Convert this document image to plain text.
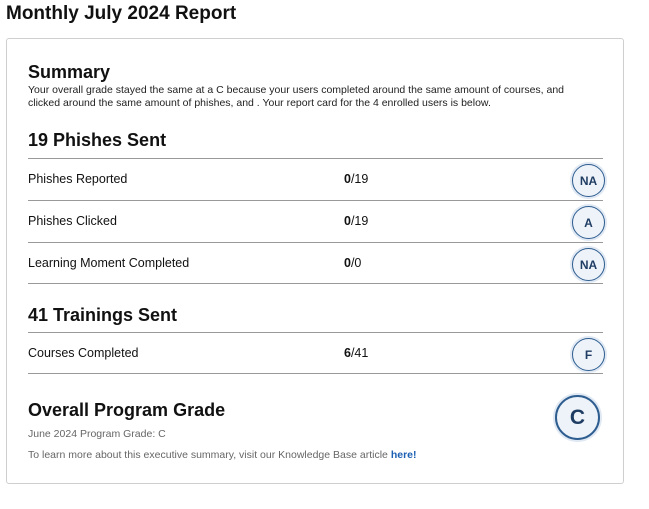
Monthly July 2024 Report
Summary
Your overall grade stayed the same at a C because your users completed around the same amount of courses, and clicked around the same amount of phishes, and . Your report card for the 4 enrolled users is below.
19 Phishes Sent
Phishes Reported	0/19	NA
Phishes Clicked	0/19	A
Learning Moment Completed	0/0	NA
41 Trainings Sent
Courses Completed	6/41	F
Overall Program Grade
June 2024 Program Grade: C
To learn more about this executive summary, visit our Knowledge Base article here!
C
